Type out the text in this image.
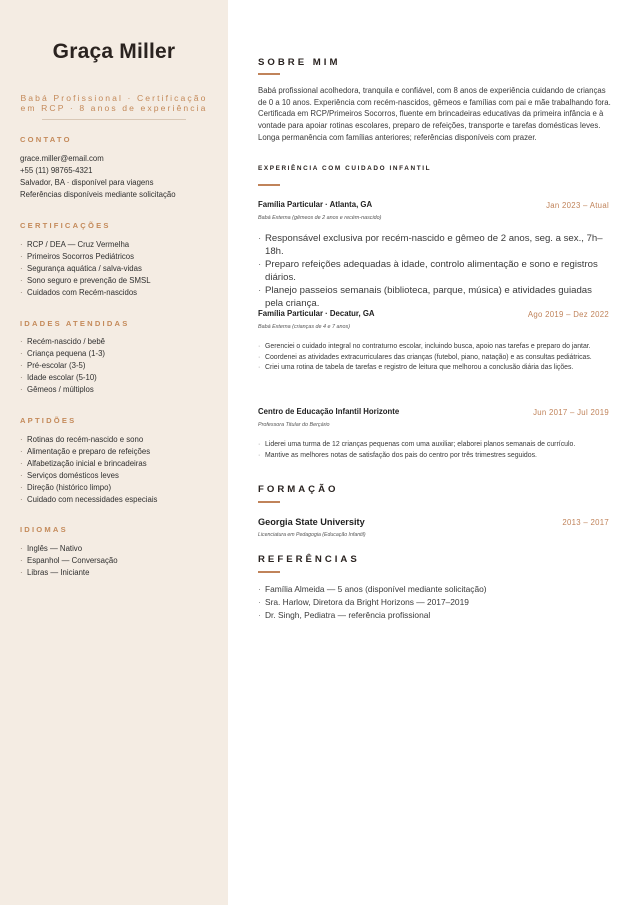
Graça Miller
Babá Profissional · Certificação em RCP · 8 anos de experiência
CONTATO
grace.miller@email.com
+55 (11) 98765-4321
Salvador, BA · disponível para viagens
Referências disponíveis mediante solicitação
CERTIFICAÇÕES
· RCP / DEA — Cruz Vermelha
· Primeiros Socorros Pediátricos
· Segurança aquática / salva-vidas
· Sono seguro e prevenção de SMSL
· Cuidados com Recém-nascidos
IDADES ATENDIDAS
· Recém-nascido / bebê
· Criança pequena (1-3)
· Pré-escolar (3-5)
· Idade escolar (5-10)
· Gêmeos / múltiplos
APTIDÕES
· Rotinas do recém-nascido e sono
· Alimentação e preparo de refeições
· Alfabetização inicial e brincadeiras
· Serviços domésticos leves
· Direção (histórico limpo)
· Cuidado com necessidades especiais
IDIOMAS
· Inglês — Nativo
· Espanhol — Conversação
· Libras — Iniciante
SOBRE MIM
Babá profissional acolhedora, tranquila e confiável, com 8 anos de experiência cuidando de crianças de 0 a 10 anos. Experiência com recém-nascidos, gêmeos e famílias com pai e mãe trabalhando fora. Certificada em RCP/Primeiros Socorros, fluente em brincadeiras educativas da primeira infância e à vontade para apoiar rotinas escolares, preparo de refeições, transporte e tarefas domésticas leves. Longa permanência com famílias anteriores; referências disponíveis com prazer.
EXPERIÊNCIA COM CUIDADO INFANTIL
Família Particular · Atlanta, GA	Jan 2023 – Atual
Babá Externa (gêmeos de 2 anos e recém-nascido)
· Responsável exclusiva por recém-nascido e gêmeo de 2 anos, seg. a sex., 7h–18h.
· Preparo refeições adequadas à idade, controlo alimentação e sono e registros diários.
· Planejo passeios semanais (biblioteca, parque, música) e atividades guiadas pela criança.
Família Particular · Decatur, GA	Ago 2019 – Dez 2022
Babá Externa (crianças de 4 e 7 anos)
· Gerenciei o cuidado integral no contraturno escolar, incluindo busca, apoio nas tarefas e preparo do jantar.
· Coordenei as atividades extracurriculares das crianças (futebol, piano, natação) e as consultas pediátricas.
· Criei uma rotina de tabela de tarefas e registro de leitura que melhorou a conclusão diária das lições.
Centro de Educação Infantil Horizonte	Jun 2017 – Jul 2019
Professora Titular do Berçário
· Liderei uma turma de 12 crianças pequenas com uma auxiliar; elaborei planos semanais de currículo.
· Mantive as melhores notas de satisfação dos pais do centro por três trimestres seguidos.
FORMAÇÃO
Georgia State University	2013 – 2017
Licenciatura em Pedagogia (Educação Infantil)
REFERÊNCIAS
· Família Almeida — 5 anos (disponível mediante solicitação)
· Sra. Harlow, Diretora da Bright Horizons — 2017–2019
· Dr. Singh, Pediatra — referência profissional
